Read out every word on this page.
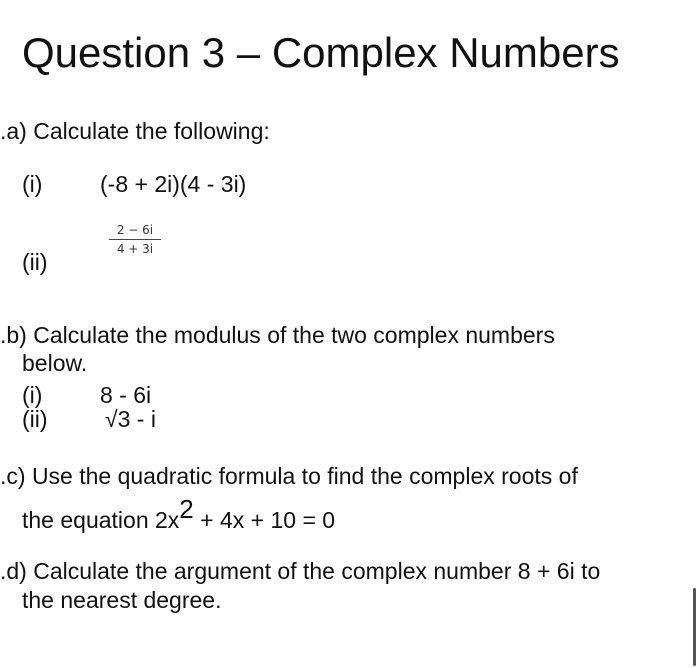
Question 3 – Complex Numbers
.a) Calculate the following:
(i)	(-8 + 2i)(4 - 3i)
(ii)
2 − 6i
4 + 3i
.b) Calculate the modulus of the two complex numbers
below.
(i)	8 - 6i
(ii) √3 - i
.c) Use the quadratic formula to find the complex roots of
the equation 2x2 + 4x + 10 = 0
.d) Calculate the argument of the complex number 8 + 6i to
the nearest degree.
